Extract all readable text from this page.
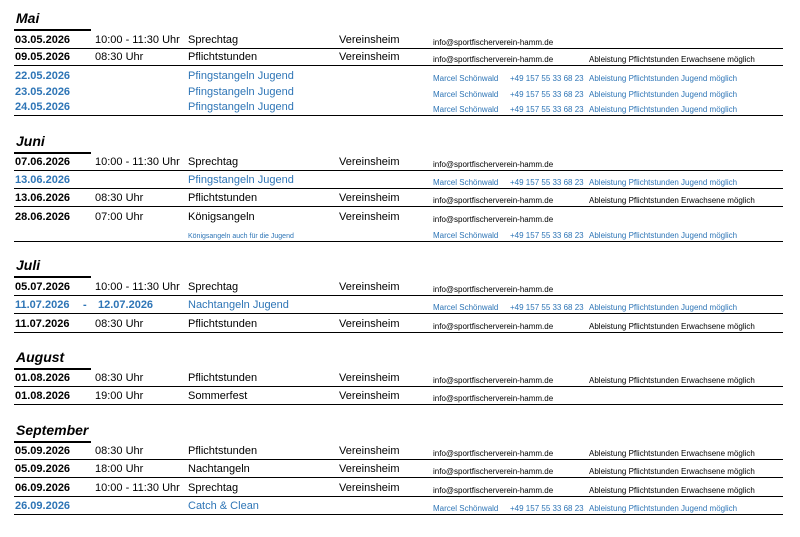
Mai
03.05.2026 10:00 - 11:30 Uhr Sprechtag	Vereinsheim	info@sportfischerverein-hamm.de
09.05.2026 08:30 Uhr	Pflichtstunden	Vereinsheim	info@sportfischerverein-hamm.de	Ableistung Pflichtstunden Erwachsene möglich
22.05.2026	Pfingstangeln Jugend	Marcel Schönwald +49 157 55 33 68 23 Ableistung Pflichtstunden Jugend möglich
23.05.2026	Pfingstangeln Jugend	Marcel Schönwald +49 157 55 33 68 23 Ableistung Pflichtstunden Jugend möglich
24.05.2026	Pfingstangeln Jugend	Marcel Schönwald +49 157 55 33 68 23 Ableistung Pflichtstunden Jugend möglich
Juni
07.06.2026 10:00 - 11:30 Uhr Sprechtag	Vereinsheim	info@sportfischerverein-hamm.de
13.06.2026	Pfingstangeln Jugend	Marcel Schönwald +49 157 55 33 68 23 Ableistung Pflichtstunden Jugend möglich
13.06.2026 08:30 Uhr	Pflichtstunden	Vereinsheim	info@sportfischerverein-hamm.de	Ableistung Pflichtstunden Erwachsene möglich
28.06.2026 07:00 Uhr	Königsangeln	Vereinsheim	info@sportfischerverein-hamm.de
Königsangeln auch für die Jugend	Marcel Schönwald +49 157 55 33 68 23 Ableistung Pflichtstunden Jugend möglich
Juli
05.07.2026 10:00 - 11:30 Uhr Sprechtag	Vereinsheim	info@sportfischerverein-hamm.de
11.07.2026 - 12.07.2026	Nachtangeln Jugend	Marcel Schönwald +49 157 55 33 68 23 Ableistung Pflichtstunden Jugend möglich
11.07.2026 08:30 Uhr	Pflichtstunden	Vereinsheim	info@sportfischerverein-hamm.de	Ableistung Pflichtstunden Erwachsene möglich
August
01.08.2026 08:30 Uhr	Pflichtstunden	Vereinsheim	info@sportfischerverein-hamm.de	Ableistung Pflichtstunden Erwachsene möglich
01.08.2026 19:00 Uhr	Sommerfest	Vereinsheim	info@sportfischerverein-hamm.de
September
05.09.2026 08:30 Uhr	Pflichtstunden	Vereinsheim	info@sportfischerverein-hamm.de	Ableistung Pflichtstunden Erwachsene möglich
05.09.2026 18:00 Uhr	Nachtangeln	Vereinsheim	info@sportfischerverein-hamm.de	Ableistung Pflichtstunden Erwachsene möglich
06.09.2026 10:00 - 11:30 Uhr Sprechtag	Vereinsheim	info@sportfischerverein-hamm.de	Ableistung Pflichtstunden Erwachsene möglich
26.09.2026	Catch & Clean	Marcel Schönwald +49 157 55 33 68 23 Ableistung Pflichtstunden Jugend möglich
